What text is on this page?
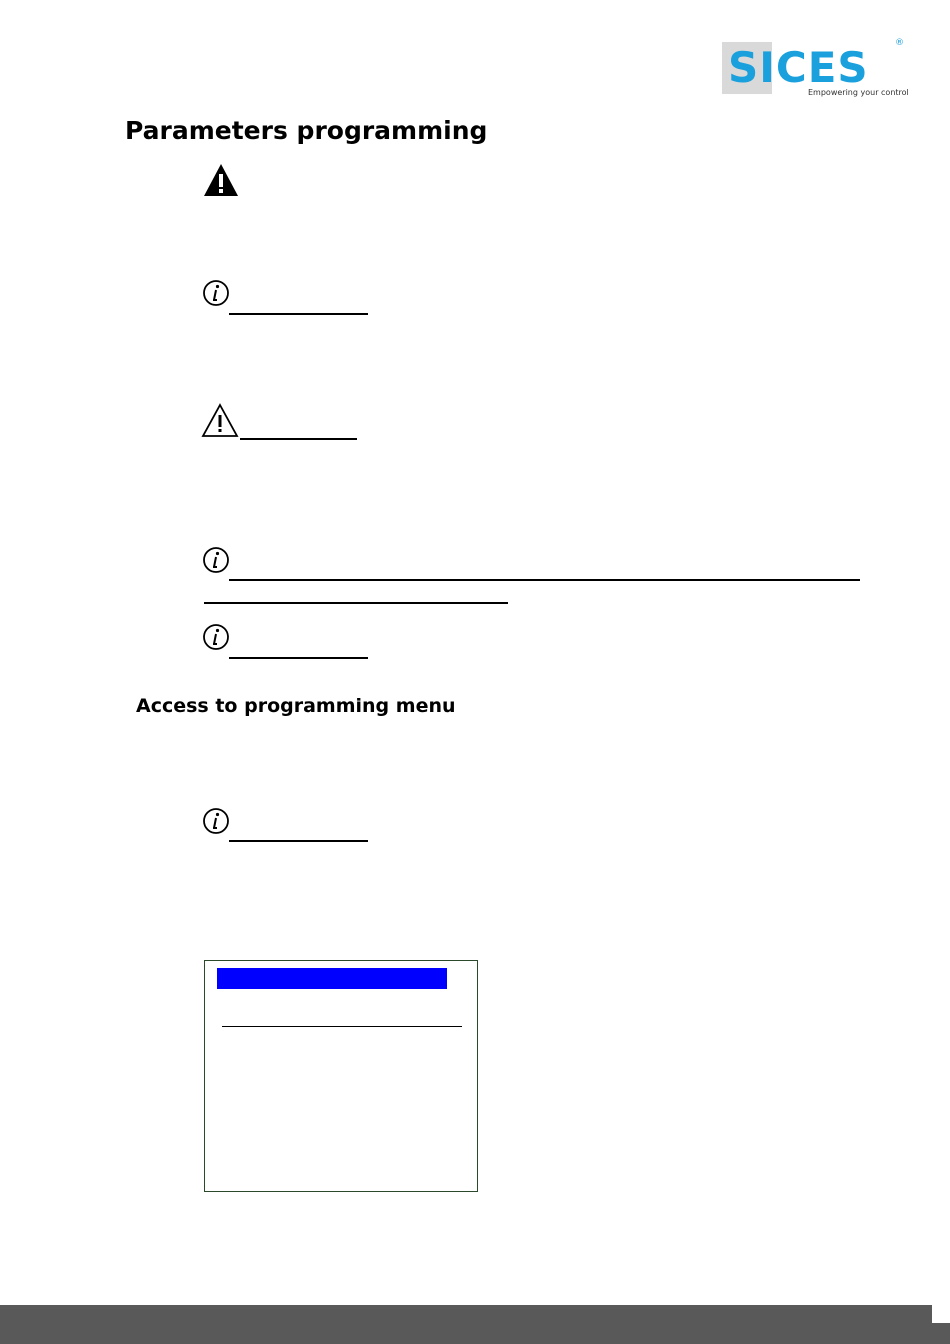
SICES
Empowering your control
®
Parameters programming
Access to programming menu
